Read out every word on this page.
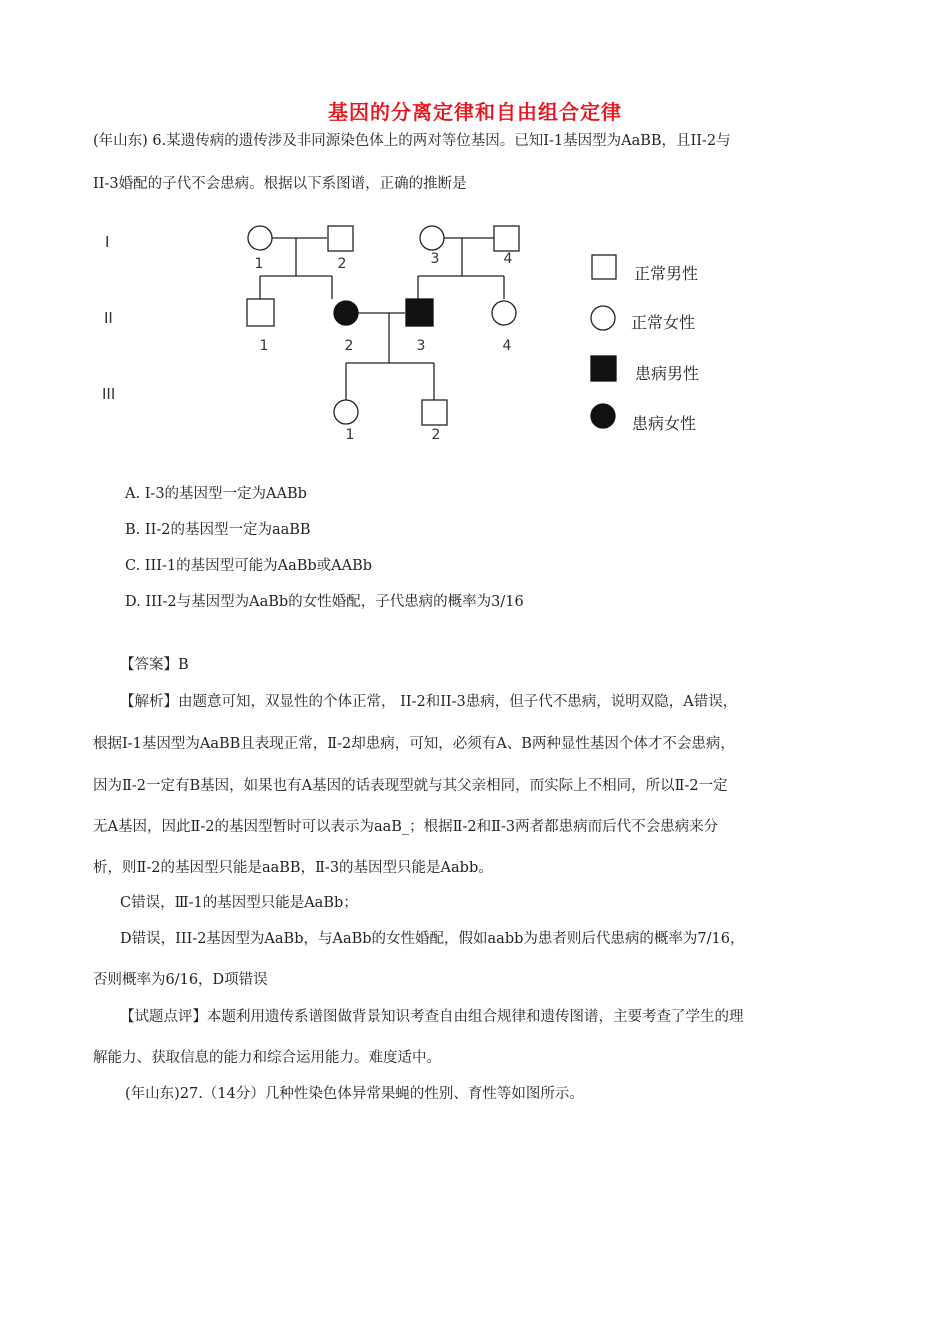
基因的分离定律和自由组合定律
(年山东) 6.某遗传病的遗传涉及非同源染色体上的两对等位基因。已知Ⅰ-1基因型为AaBB，且II-2与
II-3婚配的子代不会患病。根据以下系图谱，正确的推断是
I
II
III
1	2	3	4
1	2	3	4
1	2
正常男性
正常女性
患病男性
患病女性
A. I-3的基因型一定为AABb
B. II-2的基因型一定为aaBB
C. III-1的基因型可能为AaBb或AABb
D. III-2与基因型为AaBb的女性婚配，子代患病的概率为3/16
【答案】B
【解析】由题意可知，双显性的个体正常， II-2和II-3患病，但子代不患病，说明双隐，A错误，
根据Ⅰ-1基因型为AaBB且表现正常，Ⅱ-2却患病，可知，必须有A、B两种显性基因个体才不会患病，
因为Ⅱ-2一定有B基因，如果也有A基因的话表现型就与其父亲相同，而实际上不相同，所以Ⅱ-2一定
无A基因，因此Ⅱ-2的基因型暂时可以表示为aaB_；根据Ⅱ-2和Ⅱ-3两者都患病而后代不会患病来分
析，则Ⅱ-2的基因型只能是aaBB，Ⅱ-3的基因型只能是Aabb。
C错误，Ⅲ-1的基因型只能是AaBb；
D错误，III-2基因型为AaBb，与AaBb的女性婚配，假如aabb为患者则后代患病的概率为7/16，
否则概率为6/16，D项错误
【试题点评】本题利用遗传系谱图做背景知识考查自由组合规律和遗传图谱，主要考查了学生的理
解能力、获取信息的能力和综合运用能力。难度适中。
(年山东)27.（14分）几种性染色体异常果蝇的性别、育性等如图所示。
